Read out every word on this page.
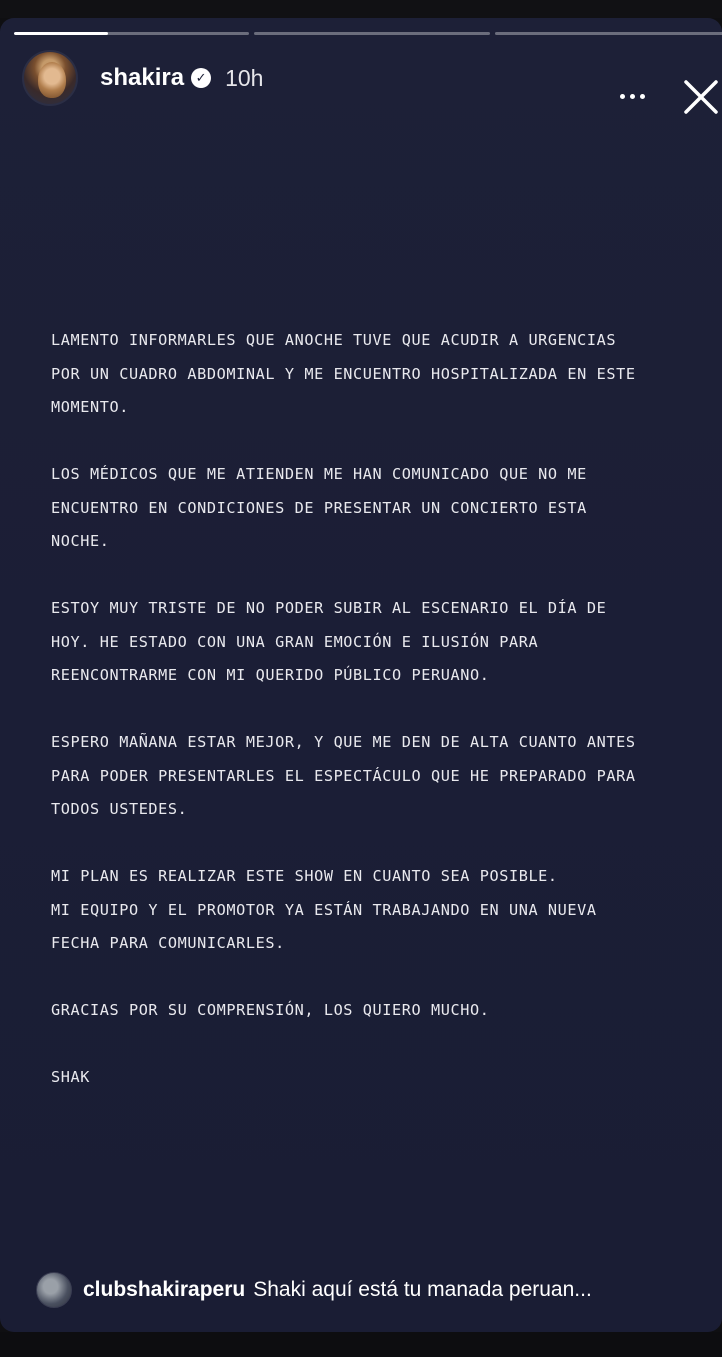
shakira ✓ 10h
LAMENTO INFORMARLES QUE ANOCHE TUVE QUE ACUDIR A URGENCIAS
POR UN CUADRO ABDOMINAL Y ME ENCUENTRO HOSPITALIZADA EN ESTE
MOMENTO.
LOS MÉDICOS QUE ME ATIENDEN ME HAN COMUNICADO QUE NO ME
ENCUENTRO EN CONDICIONES DE PRESENTAR UN CONCIERTO ESTA
NOCHE.
ESTOY MUY TRISTE DE NO PODER SUBIR AL ESCENARIO EL DÍA DE
HOY. HE ESTADO CON UNA GRAN EMOCIÓN E ILUSIÓN PARA
REENCONTRARME CON MI QUERIDO PÚBLICO PERUANO.
ESPERO MAÑANA ESTAR MEJOR, Y QUE ME DEN DE ALTA CUANTO ANTES
PARA PODER PRESENTARLES EL ESPECTÁCULO QUE HE PREPARADO PARA
TODOS USTEDES.
MI PLAN ES REALIZAR ESTE SHOW EN CUANTO SEA POSIBLE.
MI EQUIPO Y EL PROMOTOR YA ESTÁN TRABAJANDO EN UNA NUEVA
FECHA PARA COMUNICARLES.
GRACIAS POR SU COMPRENSIÓN, LOS QUIERO MUCHO.
SHAK
clubshakiraperu Shaki aquí está tu manada peruan...
